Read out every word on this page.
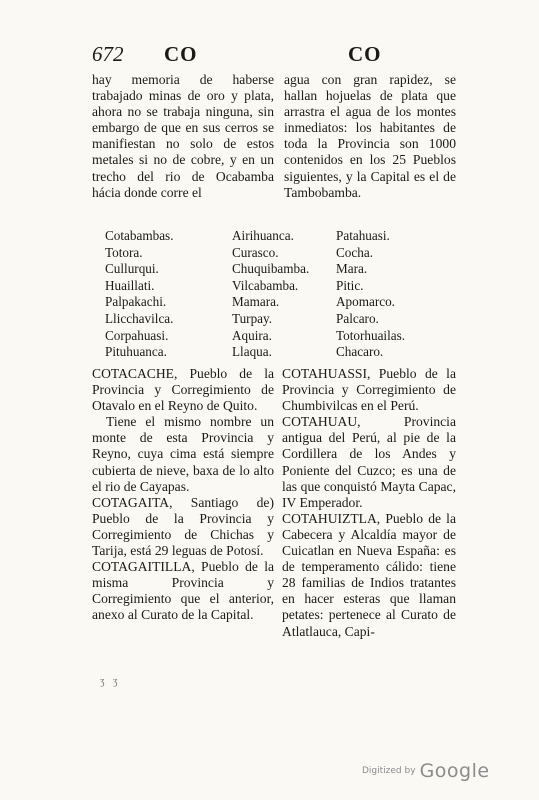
672 CO	CO

hay memoria de haberse trabajado minas de oro y plata, ahora no se trabaja ninguna, sin embargo de que en sus cerros se manifiestan no solo de estos metales si no de cobre, y en un trecho del rio de Ocabamba hácia donde corre el

agua con gran rapidez, se hallan hojuelas de plata que arrastra el agua de los montes inmediatos: los habitantes de toda la Provincia son 1000 contenidos en los 25 Pueblos siguientes, y la Capital es el de Tambobamba.

Cotabambas.	Airihuanca.	Patahuasi.
Totora.	Curasco.	Cocha.
Cullurqui.	Chuquibamba. Mara.
Huaillati.	Vilcabamba.	Pitic.
Palpakachi.	Mamara.	Apomarco.
Llicchavilca.	Turpay.	Palcaro.
Corpahuasi.	Aquira.	Totorhuailas.
Pituhuanca.	Llaqua.	Chacaro.

COTACACHE, Pueblo de la Provincia y Corregimiento de Otavalo en el Reyno de Quito.

Tiene el mismo nombre un monte de esta Provincia y Reyno, cuya cima está siempre cubierta de nieve, baxa de lo alto el rio de Cayapas.

COTAGAITA, Santiago de) Pueblo de la Provincia y Corregimiento de Chichas y Tarija, está 29 leguas de Potosí.

COTAGAITILLA, Pueblo de la misma Provincia y Corregimiento que el anterior, anexo al Curato de la Capital.

COTAHUASSI, Pueblo de la Provincia y Corregimiento de Chumbivilcas en el Perú.

COTAHUAU, Provincia antigua del Perú, al pie de la Cordillera de los Andes y Poniente del Cuzco; es una de las que conquistó Mayta Capac, IV Emperador.

COTAHUIZTLA, Pueblo de la Cabecera y Alcaldía mayor de Cuicatlan en Nueva España: es de temperamento cálido: tiene 28 familias de Indios tratantes en hacer esteras que llaman petates: pertenece al Curato de Atlatlauca, Capi-

ʒ ʒ
Digitized by Google
